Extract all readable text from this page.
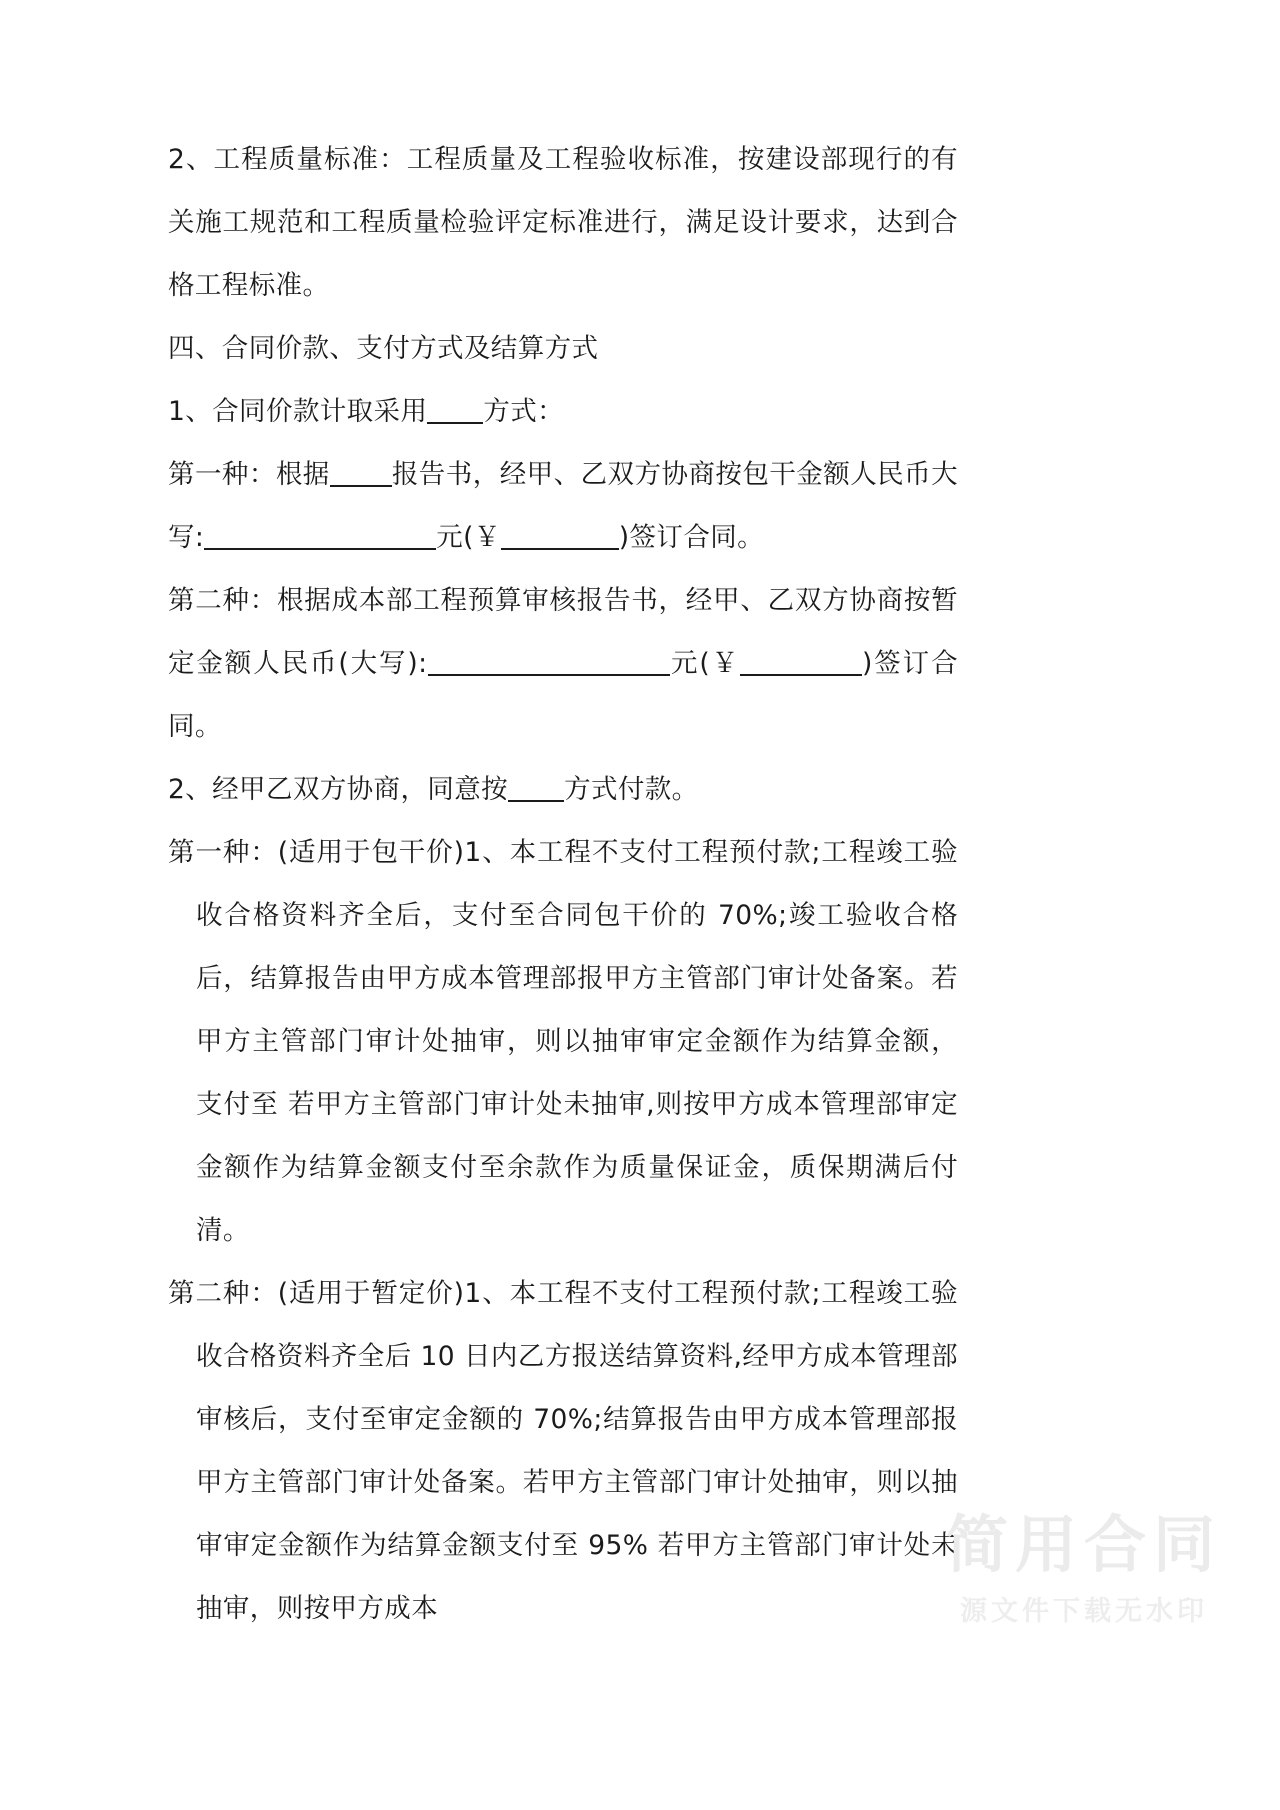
2、工程质量标准：工程质量及工程验收标准，按建设部现行的有关施工规范和工程质量检验评定标准进行，满足设计要求，达到合格工程标准。

四、合同价款、支付方式及结算方式

1、合同价款计取采用 方式：

第一种：根据 报告书，经甲、乙双方协商按包干金额人民币大写:	元(￥	)签订合同。

第二种：根据成本部工程预算审核报告书，经甲、乙双方协商按暂定金额人民币(大写):	元(￥	)签订合同。

2、经甲乙双方协商，同意按 方式付款。

第一种：(适用于包干价)1、本工程不支付工程预付款;工程竣工验收合格资料齐全后，支付至合同包干价的 70%;竣工验收合格后，结算报告由甲方成本管理部报甲方主管部门审计处备案。若甲方主管部门审计处抽审，则以抽审审定金额作为结算金额， 支付至 若甲方主管部门审计处未抽审,则按甲方成本管理部审定金额作为结算金额支付至余款作为质量保证金，质保期满后付清。

第二种：(适用于暂定价)1、本工程不支付工程预付款;工程竣工验收合格资料齐全后 10 日内乙方报送结算资料,经甲方成本管理部审核后，支付至审定金额的 70%;结算报告由甲方成本管理部报甲方主管部门审计处备案。若甲方主管部门审计处抽审，则以抽审审定金额作为结算金额支付至 95% 若甲方主管部门审计处未抽审，则按甲方成本

简用合同
源文件下载无水印
